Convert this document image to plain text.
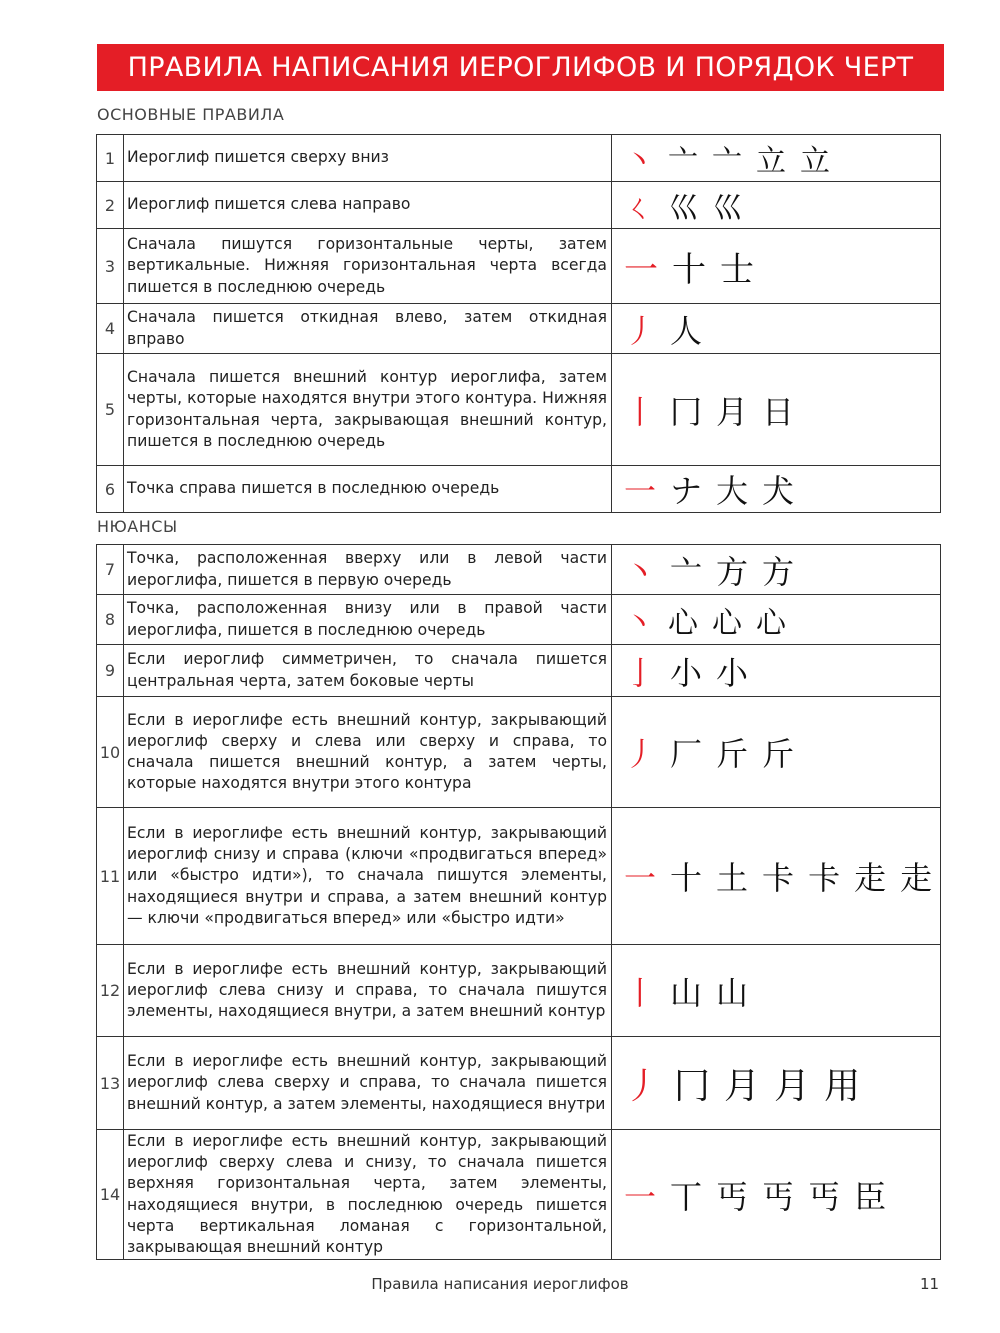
ПРАВИЛА НАПИСАНИЯ ИЕРОГЛИФОВ И ПОРЯДОК ЧЕРТ
ОСНОВНЫЕ ПРАВИЛА
1	Иероглиф пишется сверху вниз	丶 亠 亠 立 立
2	Иероглиф пишется слева направо	ㄑ 巛 巛
3	Сначала пишутся горизонтальные черты, затем вертикальные. Нижняя горизонтальная черта всегда пишется в последнюю очередь	一 十 士
4	Сначала пишется откидная влево, затем откидная вправо	丿 人
5	Сначала пишется внешний контур иероглифа, затем черты, которые находятся внутри этого контура. Нижняя горизонтальная черта, закрывающая внешний контур, пишется в последнюю очередь	丨 冂 月 日
6	Точка справа пишется в последнюю очередь	一 ナ 大 犬
НЮАНСЫ
7	Точка, расположенная вверху или в левой части иероглифа, пишется в первую очередь	丶 亠 方 方
8	Точка, расположенная внизу или в правой части иероглифа, пишется в последнюю очередь	丶 心 心 心
9	Если иероглиф симметричен, то сначала пишется центральная черта, затем боковые черты	亅 小 小
10	Если в иероглифе есть внешний контур, закрывающий иероглиф сверху и слева или сверху и справа, то сначала пишется внешний контур, а затем черты, которые находятся внутри этого контура	丿 厂 斤 斤
11	Если в иероглифе есть внешний контур, закрывающий иероглиф снизу и справа (ключи «продвигаться вперед» или «быстро идти»), то сначала пишутся элементы, находящиеся внутри и справа, а затем внешний контур — ключи «продвигаться вперед» или «быстро идти»	一 十 土 卡 卡 走 走
12	Если в иероглифе есть внешний контур, закрывающий иероглиф слева снизу и справа, то сначала пишутся элементы, находящиеся внутри, а затем внешний контур	丨 山 山
13	Если в иероглифе есть внешний контур, закрывающий иероглиф слева сверху и справа, то сначала пишется внешний контур, а затем элементы, находящиеся внутри	丿 冂 月 月 用
14	Если в иероглифе есть внешний контур, закрывающий иероглиф сверху слева и снизу, то сначала пишется верхняя горизонтальная черта, затем элементы, находящиеся внутри, в последнюю очередь пишется черта вертикальная ломаная с горизонтальной, закрывающая внешний контур	一 丅 丐 丐 丐 臣
Правила написания иероглифов	11
